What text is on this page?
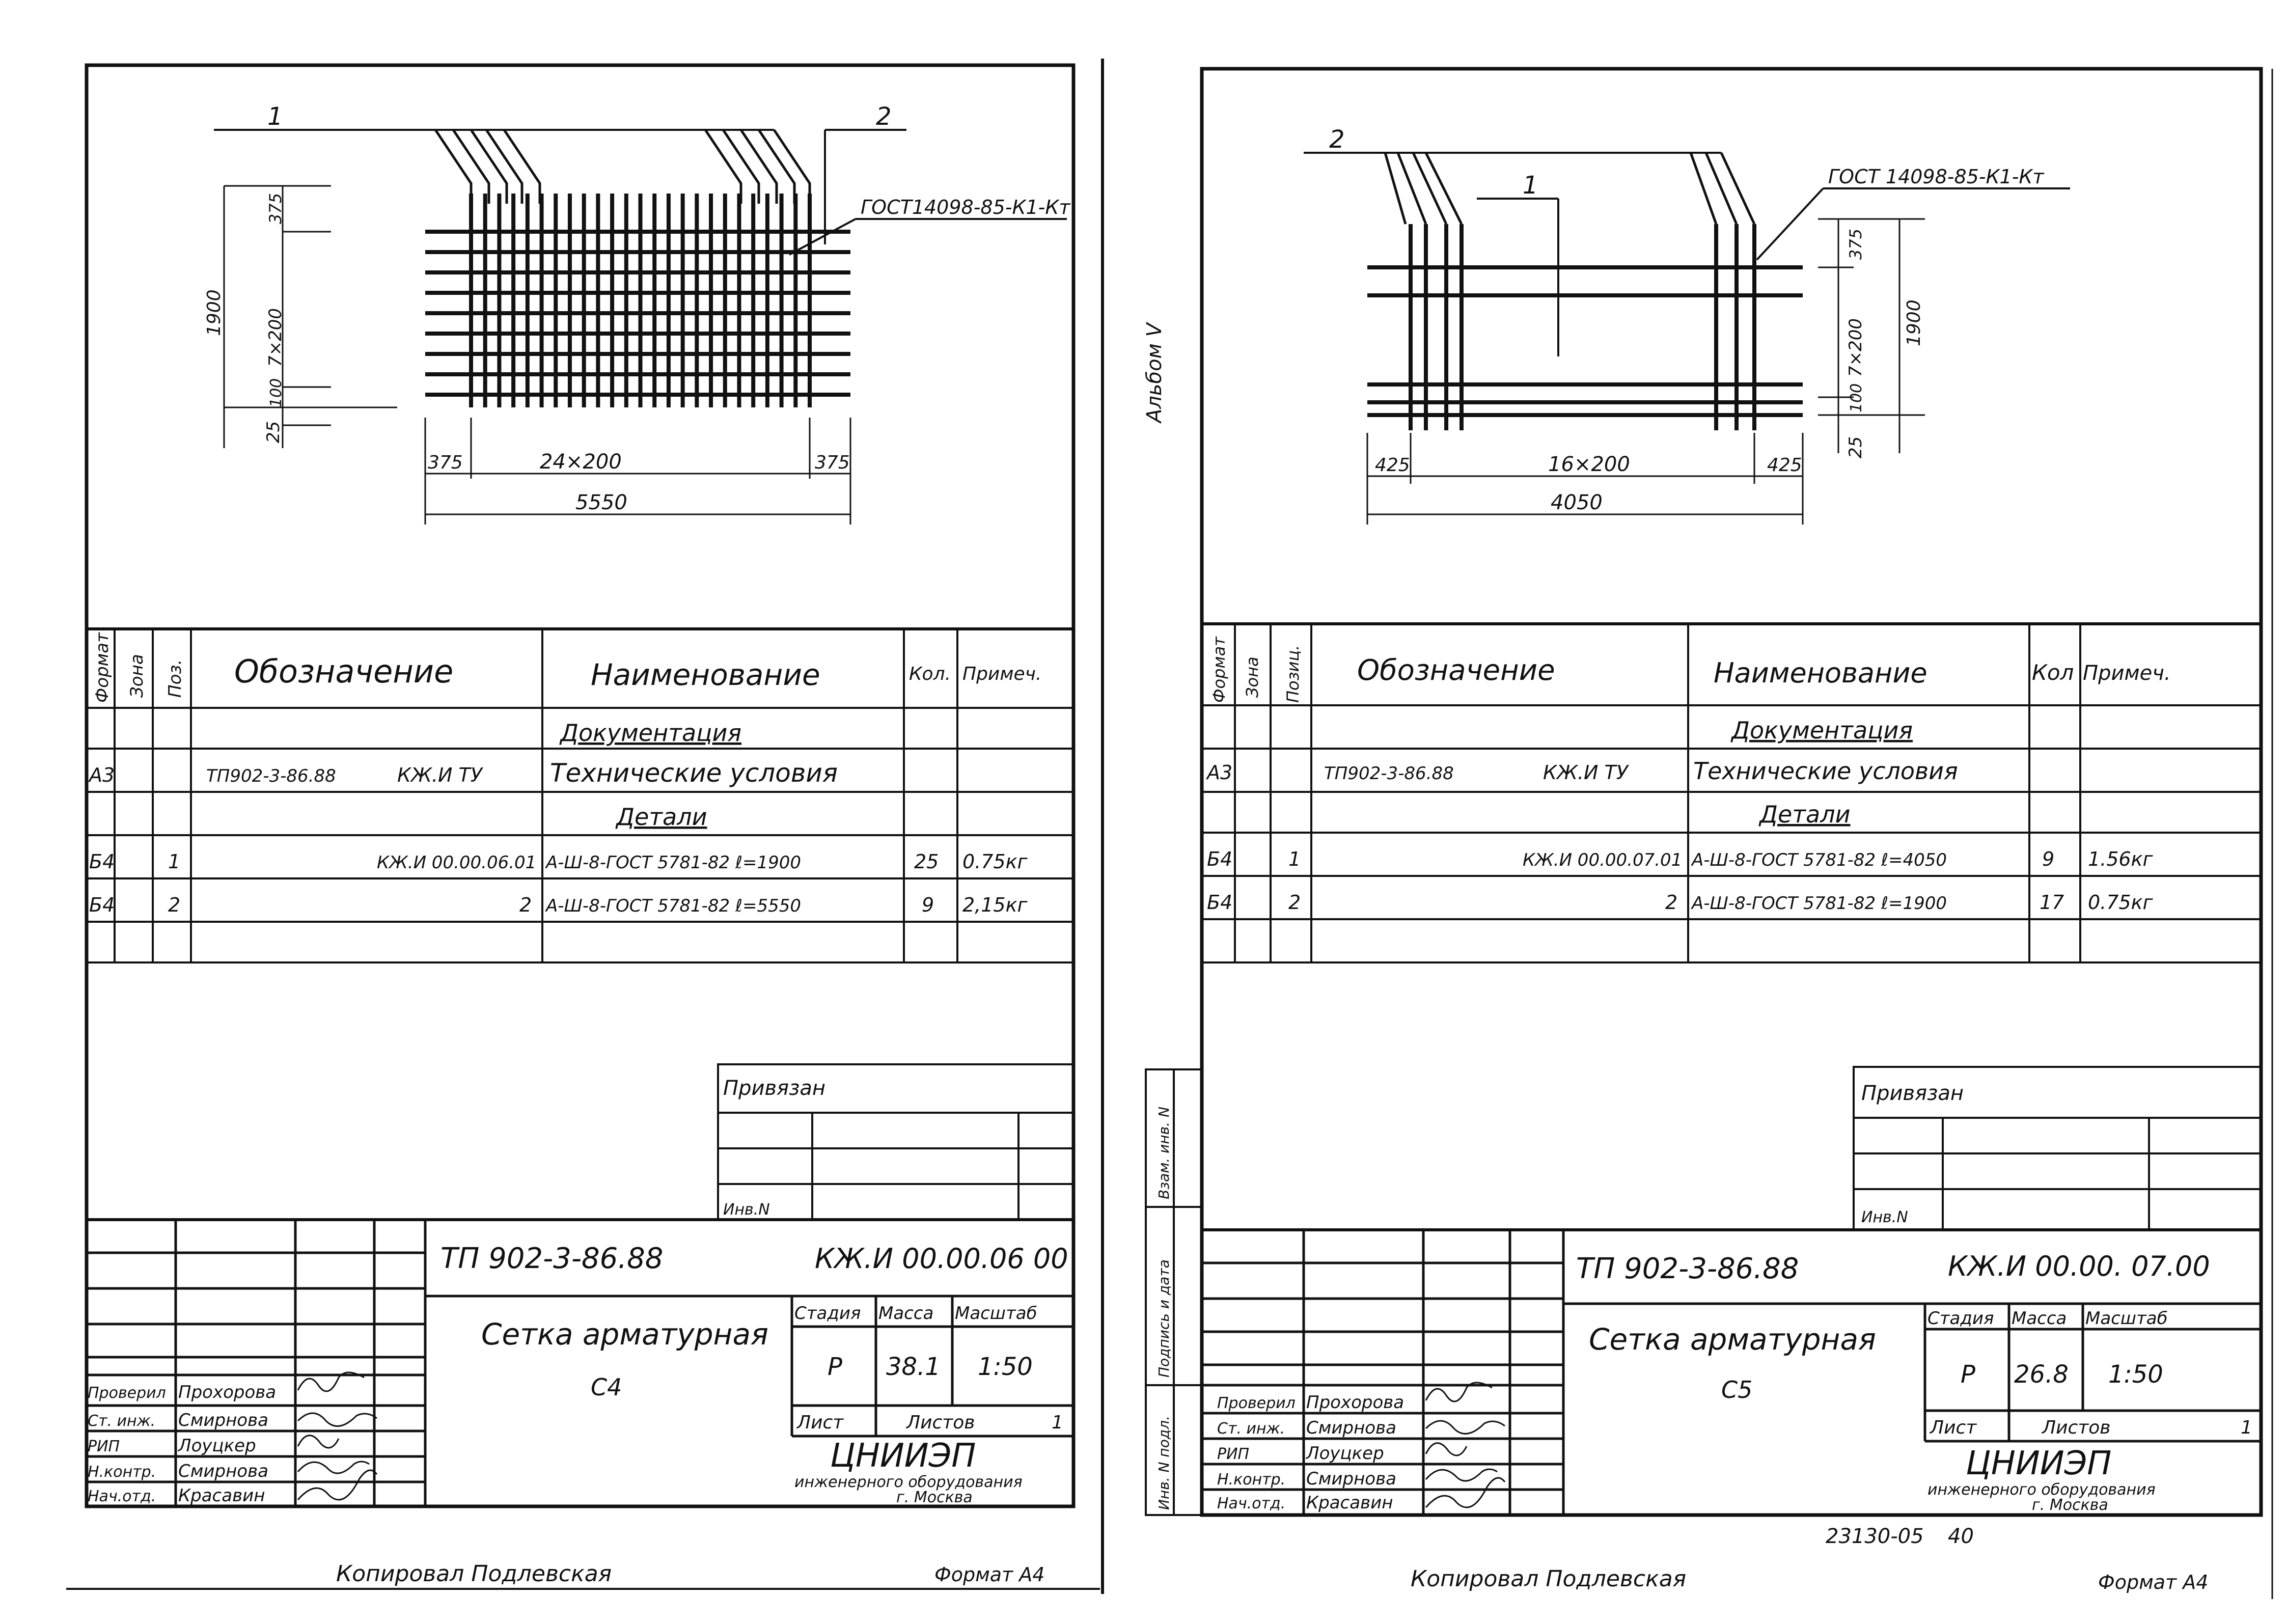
1	2
ГОСТ14098-85-К1-Кт
1900
375
7×200
100
25
375	24×200	375
5550
Формат Зона Поз. Обозначение	Наименование	Кол. Примеч.
Документация
А3	ТП902-3-86.88	КЖ.И ТУ	Технические условия
Детали
Б4	1	КЖ.И 00.00.06.01 А-Ш-8-ГОСТ 5781-82 ℓ=1900	25 0.75кг
Б4	2	2 А-Ш-8-ГОСТ 5781-82 ℓ=5550	9 2,15кг
Привязан
Инв.N
ТП 902-3-86.88	КЖ.И 00.00.06 00
Сетка арматурная
С4
Стадия Масса Масштаб
Р 38.1 1:50
Лист	Листов	1
ЦНИИЭП
инженерного оборудования
г. Москва
Проверил Прохорова
Ст. инж. Смирнова
РИП	Лоуцкер
Н.контр. Смирнова
Нач.отд. Красавин
Копировал Подлевская	Формат А4
2
1	ГОСТ 14098-85-К1-Кт
375
7×200 1900
100
25
425	16×200	425
4050
Формат Зона Позиц. Обозначение	Наименование	Кол Примеч.
Документация
А3	ТП902-3-86.88	КЖ.И ТУ	Технические условия
Детали
Б4	1	КЖ.И 00.00.07.01 А-Ш-8-ГОСТ 5781-82 ℓ=4050	9 1.56кг
Б4	2	2 А-Ш-8-ГОСТ 5781-82 ℓ=1900	17 0.75кг
Привязан
Инв.N
ТП 902-3-86.88	КЖ.И 00.00. 07.00
Сетка арматурная
С5
Стадия Масса Масштаб
Р 26.8 1:50
Лист	Листов	1
ЦНИИЭП
инженерного оборудования
г. Москва
Проверил Прохорова
Ст. инж. Смирнова
РИП	Лоуцкер
Н.контр. Смирнова
Нач.отд. Красавин
Взам. инв. N
Подпись и дата
Инв. N подл.
Альбом V
23130-05 40
Копировал Подлевская	Формат А4
